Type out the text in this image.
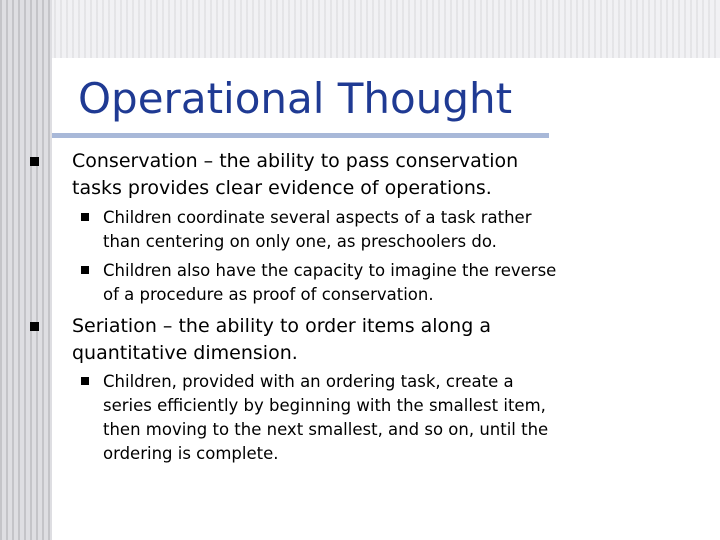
Operational Thought
Conservation – the ability to pass conservation
tasks provides clear evidence of operations.
Children coordinate several aspects of a task rather
than centering on only one, as preschoolers do.
Children also have the capacity to imagine the reverse
of a procedure as proof of conservation.
Seriation – the ability to order items along a
quantitative dimension.
Children, provided with an ordering task, create a
series efficiently by beginning with the smallest item,
then moving to the next smallest, and so on, until the
ordering is complete.
